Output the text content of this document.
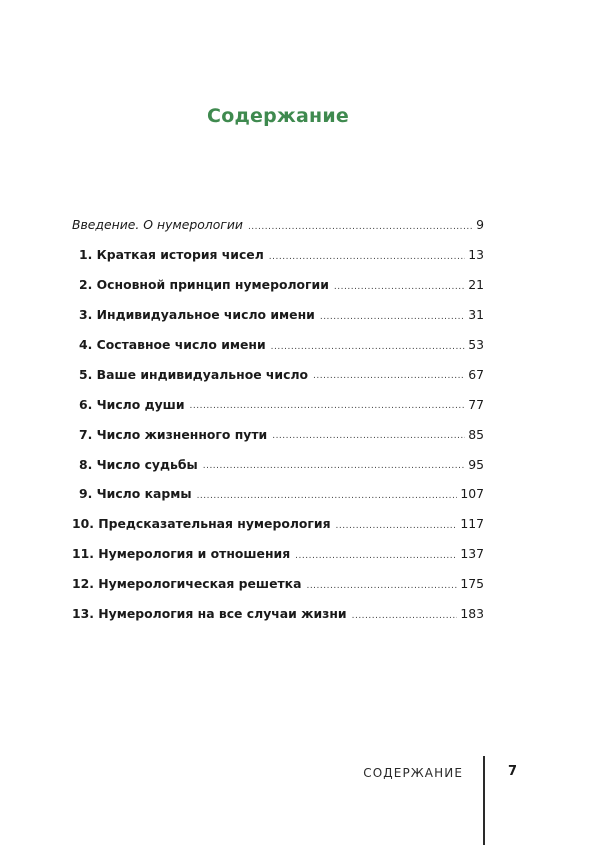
Содержание
Введение. О нумерологии .....	9
1. Краткая история чисел .....	13
2. Основной принцип нумерологии .....	21
3. Индивидуальное число имени .....	31
4. Составное число имени .....	53
5. Ваше индивидуальное число .....	67
6. Число души .....	77
7. Число жизненного пути .....	85
8. Число судьбы .....	95
9. Число кармы .....	107
10. Предсказательная нумерология .....	117
11. Нумерология и отношения .....	137
12. Нумерологическая решетка .....	175
13. Нумерология на все случаи жизни .....	183
СОДЕРЖАНИЕ	7
